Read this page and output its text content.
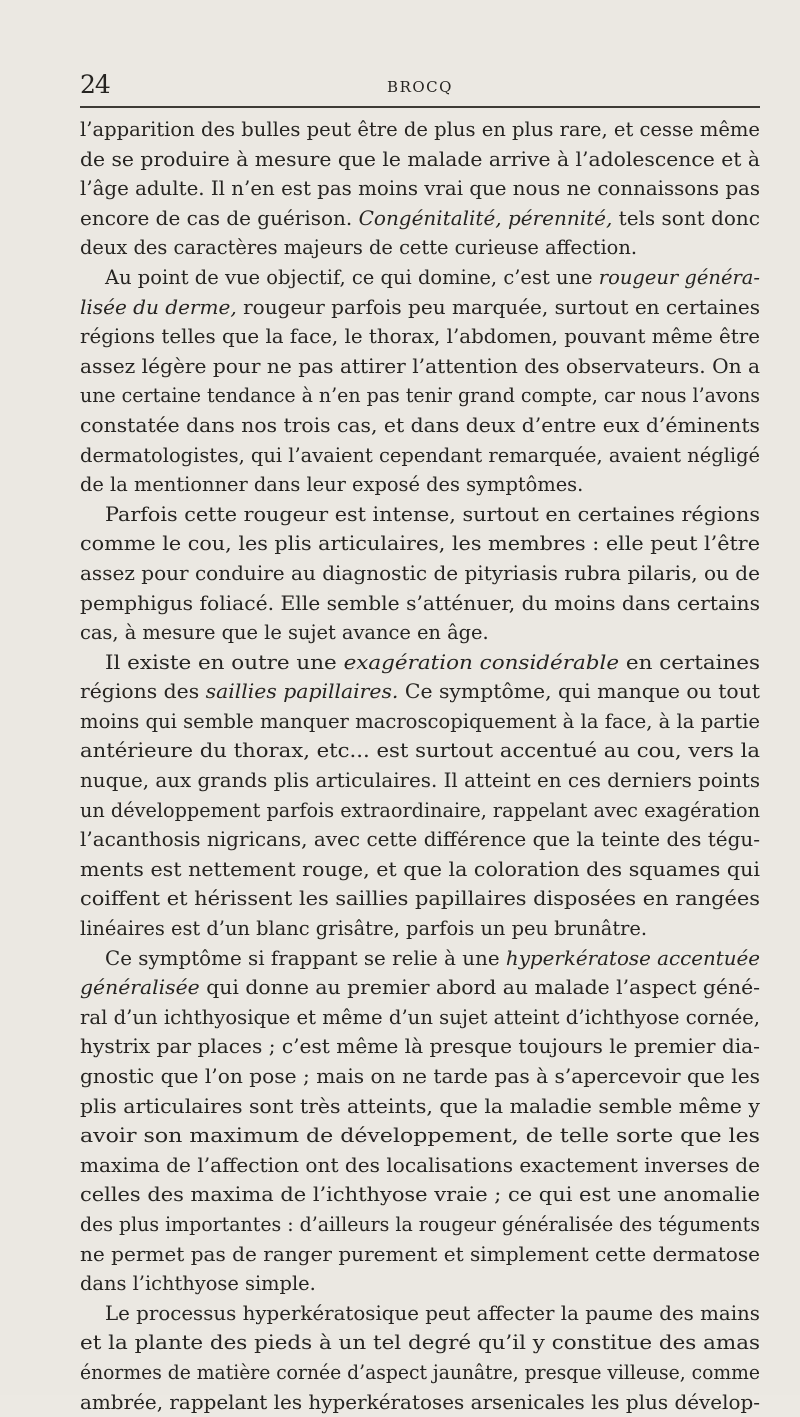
24	BROCQ
l’apparition des bulles peut être de plus en plus rare, et cesse même
de se produire à mesure que le malade arrive à l’adolescence et à
l’âge adulte. Il n’en est pas moins vrai que nous ne connaissons pas
encore de cas de guérison. Congénitalité, pérennité, tels sont donc
deux des caractères majeurs de cette curieuse affection.
Au point de vue objectif, ce qui domine, c’est une rougeur généra-
lisée du derme, rougeur parfois peu marquée, surtout en certaines
régions telles que la face, le thorax, l’abdomen, pouvant même être
assez légère pour ne pas attirer l’attention des observateurs. On a
une certaine tendance à n’en pas tenir grand compte, car nous l’avons
constatée dans nos trois cas, et dans deux d’entre eux d’éminents
dermatologistes, qui l’avaient cependant remarquée, avaient négligé
de la mentionner dans leur exposé des symptômes.
Parfois cette rougeur est intense, surtout en certaines régions
comme le cou, les plis articulaires, les membres : elle peut l’être
assez pour conduire au diagnostic de pityriasis rubra pilaris, ou de
pemphigus foliacé. Elle semble s’atténuer, du moins dans certains
cas, à mesure que le sujet avance en âge.
Il existe en outre une exagération considérable en certaines
régions des saillies papillaires. Ce symptôme, qui manque ou tout
moins qui semble manquer macroscopiquement à la face, à la partie
antérieure du thorax, etc... est surtout accentué au cou, vers la
nuque, aux grands plis articulaires. Il atteint en ces derniers points
un développement parfois extraordinaire, rappelant avec exagération
l’acanthosis nigricans, avec cette différence que la teinte des tégu-
ments est nettement rouge, et que la coloration des squames qui
coiffent et hérissent les saillies papillaires disposées en rangées
linéaires est d’un blanc grisâtre, parfois un peu brunâtre.
Ce symptôme si frappant se relie à une hyperkératose accentuée
généralisée qui donne au premier abord au malade l’aspect géné-
ral d’un ichthyosique et même d’un sujet atteint d’ichthyose cornée,
hystrix par places ; c’est même là presque toujours le premier dia-
gnostic que l’on pose ; mais on ne tarde pas à s’apercevoir que les
plis articulaires sont très atteints, que la maladie semble même y
avoir son maximum de développement, de telle sorte que les
maxima de l’affection ont des localisations exactement inverses de
celles des maxima de l’ichthyose vraie ; ce qui est une anomalie
des plus importantes : d’ailleurs la rougeur généralisée des téguments
ne permet pas de ranger purement et simplement cette dermatose
dans l’ichthyose simple.
Le processus hyperkératosique peut affecter la paume des mains
et la plante des pieds à un tel degré qu’il y constitue des amas
énormes de matière cornée d’aspect jaunâtre, presque villeuse, comme
ambrée, rappelant les hyperkératoses arsenicales les plus dévelop-
